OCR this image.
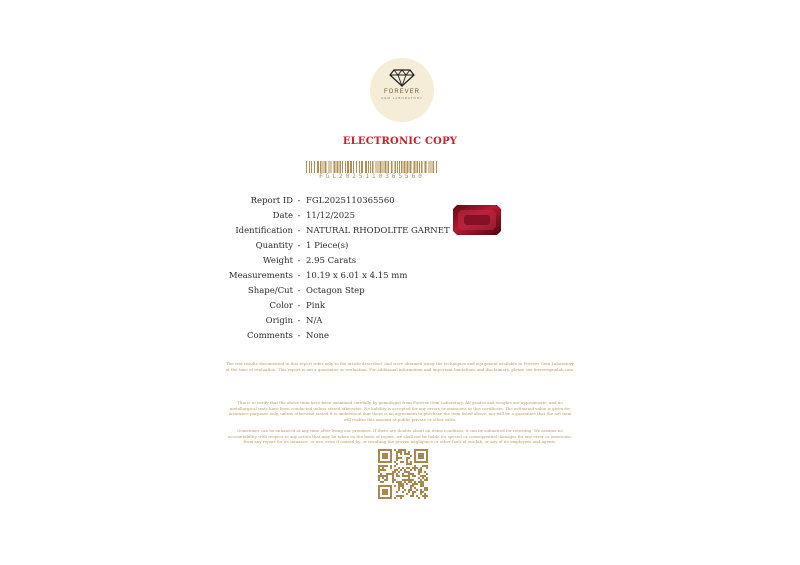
FOREVER
GEM LABORATORY
ELECTRONIC COPY
FGL2025110365560
Report ID - FGL2025110365560
Date - 11/12/2025
Identification - NATURAL RHODOLITE GARNET
Quantity - 1 Piece(s)
Weight - 2.95 Carats
Measurements - 10.19 x 6.01 x 4.15 mm
Shape/Cut - Octagon Step
Color - Pink
Origin - N/A
Comments - None
The test results documented in this report refer only to the article described, and were obtained using the techniques and equipment available to Forever Gem Laboratory at the time of evaluation. This report is not a guarantee or evaluation. For additional information and important limitations and disclaimers, please see forevergemlab.com.
This is to verify that the above item have been examined carefully by gemologist from Forever Gem Laboratory. All grades and weights are approximate, and no metallurgical tests have been conducted unless stated otherwise. No liability is accepted for any errors or omissions in this certificate. The estimated value is given for insurance purposes only, unless otherwise stated it is understood that there is an agreement to purchase the item listed above, nor will be a guarantee that the net item will realize this amount at public private or other sales.
Gemstones can be enhanced at any time after living our premises. If there are doubts about an items condition, it can be submitted for retesting. We assume no accountability with respect to any action that may be taken on the basis of report, we shall not be liable for special or consequential damages for any error or omissions, from any report for its issuance, or use, even if caused by, or resulting the proven negligence or other fault of our lab, or any of its employees and agents.
